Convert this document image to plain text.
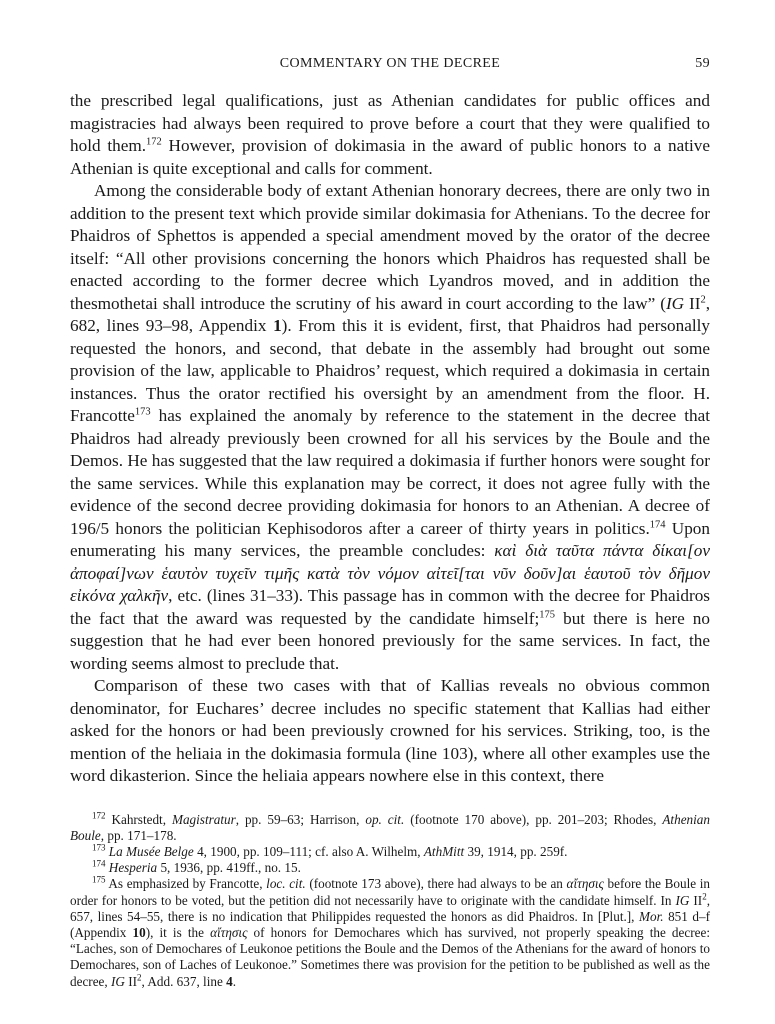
COMMENTARY ON THE DECREE	59

the prescribed legal qualifications, just as Athenian candidates for public offices and magistracies had always been required to prove before a court that they were qualified to hold them.$^{172}$ However, provision of dokimasia in the award of public honors to a native Athenian is quite exceptional and calls for comment.

Among the considerable body of extant Athenian honorary decrees, there are only two in addition to the present text which provide similar dokimasia for Athenians. To the decree for Phaidros of Sphettos is appended a special amendment moved by the orator of the decree itself: “All other provisions concerning the honors which Phaidros has requested shall be enacted according to the former decree which Lyandros moved, and in addition the thesmothetai shall introduce the scrutiny of his award in court according to the law” (IG $II^2$, 682, lines 93–98, Appendix 1). From this it is evident, first, that Phaidros had personally requested the honors, and second, that debate in the assembly had brought out some provision of the law, applicable to Phaidros’ request, which required a dokimasia in certain instances. Thus the orator rectified his oversight by an amendment from the floor. H. Francotte$^{173}$ has explained the anomaly by reference to the statement in the decree that Phaidros had already previously been crowned for all his services by the Boule and the Demos. He has suggested that the law required a dokimasia if further honors were sought for the same services. While this explanation may be correct, it does not agree fully with the evidence of the second decree providing dokimasia for honors to an Athenian. A decree of 196/5 honors the politician Kephisodoros after a career of thirty years in politics.$^{174}$ Upon enumerating his many services, the preamble concludes: καὶ διὰ ταῦτα πάντα δίκαι[ον ἀποφαί]νων ἑαυτὸν τυχεῖν τιμῆς κατὰ τὸν νόμον αἰτεῖ[ται νῦν δοῦν]αι ἑαυτοῦ τὸν δῆμον εἰκόνα χαλκῆν, etc. (lines 31–33). This passage has in common with the decree for Phaidros the fact that the award was requested by the candidate himself;$^{175}$ but there is here no suggestion that he had ever been honored previously for the same services. In fact, the wording seems almost to preclude that.

Comparison of these two cases with that of Kallias reveals no obvious common denominator, for Euchares’ decree includes no specific statement that Kallias had either asked for the honors or had been previously crowned for his services. Striking, too, is the mention of the heliaia in the dokimasia formula (line 103), where all other examples use the word dikasterion. Since the heliaia appears nowhere else in this context, there

$^{172}$ Kahrstedt, Magistratur, pp. 59–63; Harrison, op. cit. (footnote 170 above), pp. 201–203; Rhodes, Athenian Boule, pp. 171–178.

$^{173}$ La Musée Belge 4, 1900, pp. 109–111; cf. also A. Wilhelm, AthMitt 39, 1914, pp. 259f.

$^{174}$ Hesperia 5, 1936, pp. 419ff., no. 15.

$^{175}$ As emphasized by Francotte, loc. cit. (footnote 173 above), there had always to be an αἴτησις before the Boule in order for honors to be voted, but the petition did not necessarily have to originate with the candidate himself. In IG $II^2$, 657, lines 54–55, there is no indication that Philippides requested the honors as did Phaidros. In [Plut.], Mor. 851 d–f (Appendix 10), it is the αἴτησις of honors for Demochares which has survived, not properly speaking the decree: “Laches, son of Demochares of Leukonoe petitions the Boule and the Demos of the Athenians for the award of honors to Demochares, son of Laches of Leukonoe.” Sometimes there was provision for the petition to be published as well as the decree, IG $II^2$, Add. 637, line 4.
